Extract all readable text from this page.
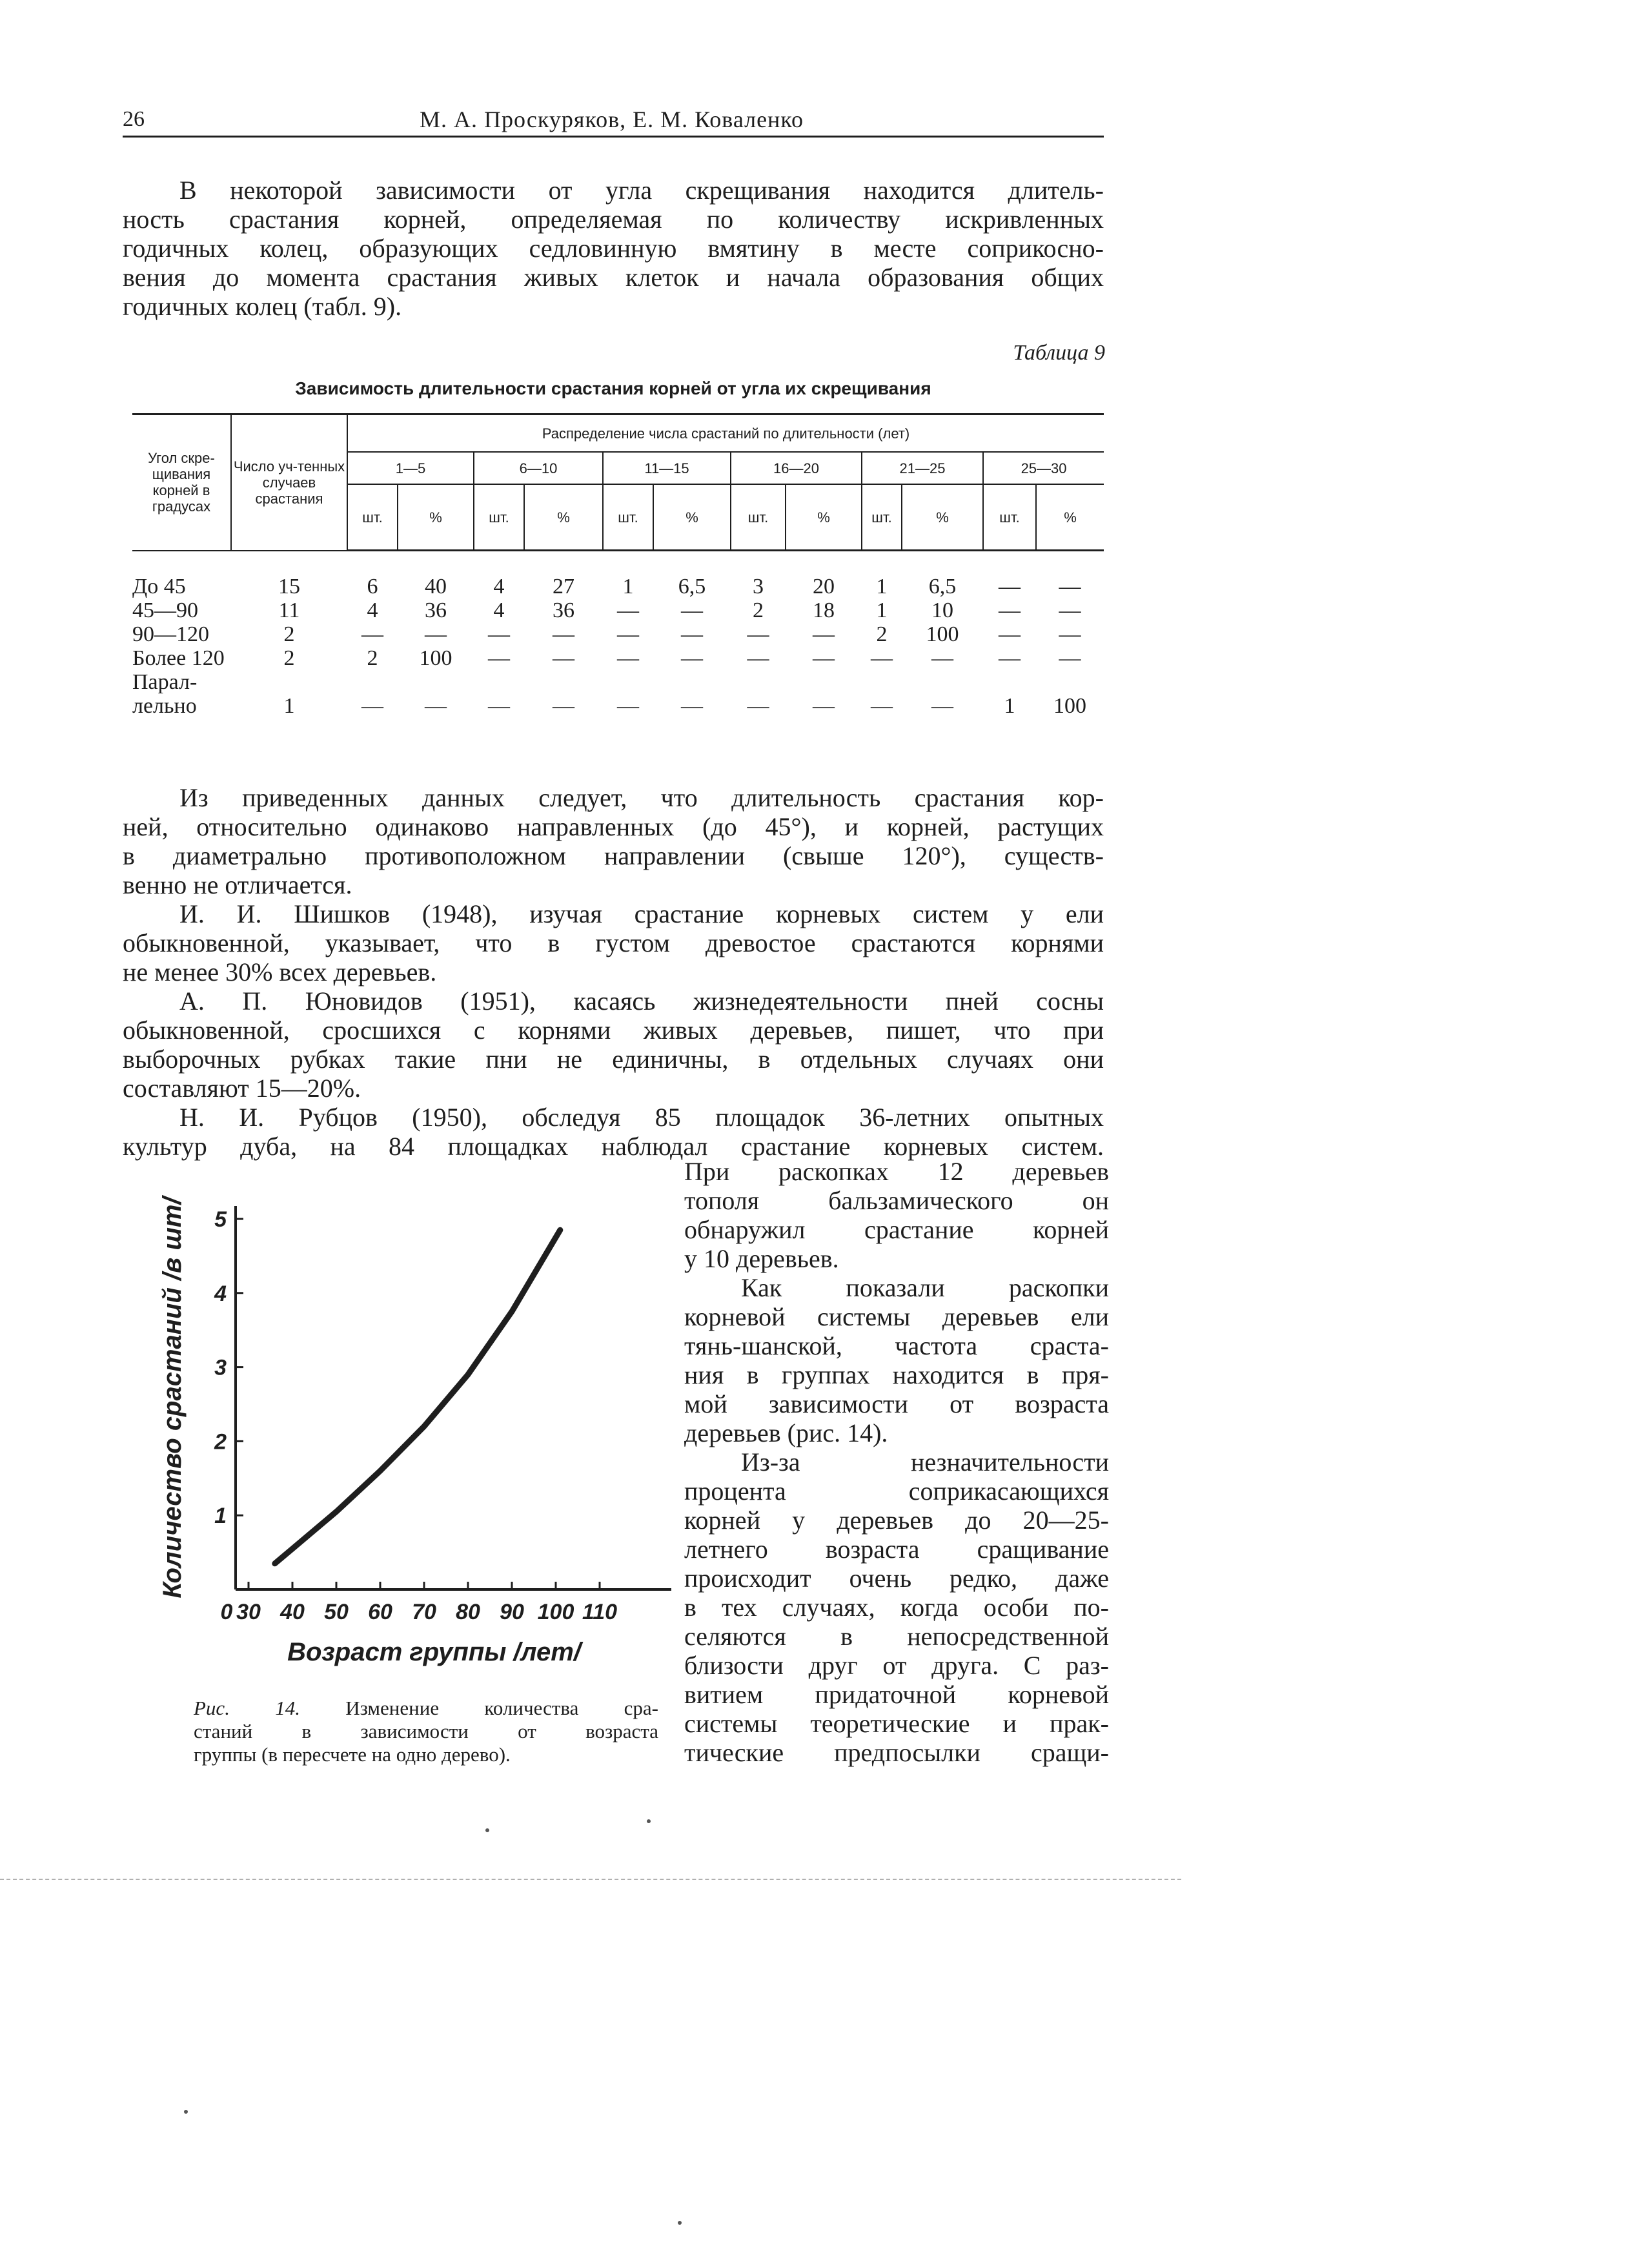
26	М. А. Проскуряков, Е. М. Коваленко

В некоторой зависимости от угла скрещивания находится длитель-
ность срастания корней, определяемая по количеству искривленных
годичных колец, образующих седловинную вмятину в месте соприкосно-
вения до момента срастания живых клеток и начала образования общих
годичных колец (табл. 9).

Таблица 9
Зависимость длительности срастания корней от угла их скрещивания
Угол скре-щивания корней в градусах	Число уч-тенных случаев срастания	Распределение числа срастаний по длительности (лет)											
		1—5		6—10		11—15		16—20		21—25		25—30	
		шт.	%	шт.	%	шт.	%	шт.	%	шт.	%	шт.	%

До 45	15	6	40	4	27	1	6,5	3	20	1	6,5	—	—
45—90	11	4	36	4	36	—	—	2	18	1	10	—	—
90—120	2	—	—	—	—	—	—	—	—	2	100	—	—
Более 120	2	2	100	—	—	—	—	—	—	—	—	—	—
Парал-
лельно	1	—	—	—	—	—	—	—	—	—	—	1	100

Из приведенных данных следует, что длительность срастания кор-
ней, относительно одинаково направленных (до 45°), и корней, растущих
в диаметрально противоположном направлении (свыше 120°), существ-
венно не отличается.
И. И. Шишков (1948), изучая срастание корневых систем у ели
обыкновенной, указывает, что в густом древостое срастаются корнями
не менее 30% всех деревьев.
А. П. Юновидов (1951), касаясь жизнедеятельности пней сосны
обыкновенной, сросшихся с корнями живых деревьев, пишет, что при
выборочных рубках такие пни не единичны, в отдельных случаях они
составляют 15—20%.
Н. И. Рубцов (1950), обследуя 85 площадок 36-летних опытных
культур дуба, на 84 площадках наблюдал срастание корневых систем.

1
2
3
4
5
0 30 40 50 60 70 80 90 100 110
Количество срастаний /в шт/
Возраст группы /лет/

Рис. 14. Изменение количества сра-
станий в зависимости от возраста
группы (в пересчете на одно дерево).

При раскопках 12 деревьев
тополя бальзамического он
обнаружил срастание корней
у 10 деревьев.
Как показали раскопки
корневой системы деревьев ели
тянь-шанской, частота сраста-
ния в группах находится в пря-
мой зависимости от возраста
деревьев (рис. 14).
Из-за незначительности
процента соприкасающихся
корней у деревьев до 20—25-
летнего возраста сращивание
происходит очень редко, даже
в тех случаях, когда особи по-
селяются в непосредственной
близости друг от друга. С раз-
витием придаточной корневой
системы теоретические и прак-
тические предпосылки сращи-
